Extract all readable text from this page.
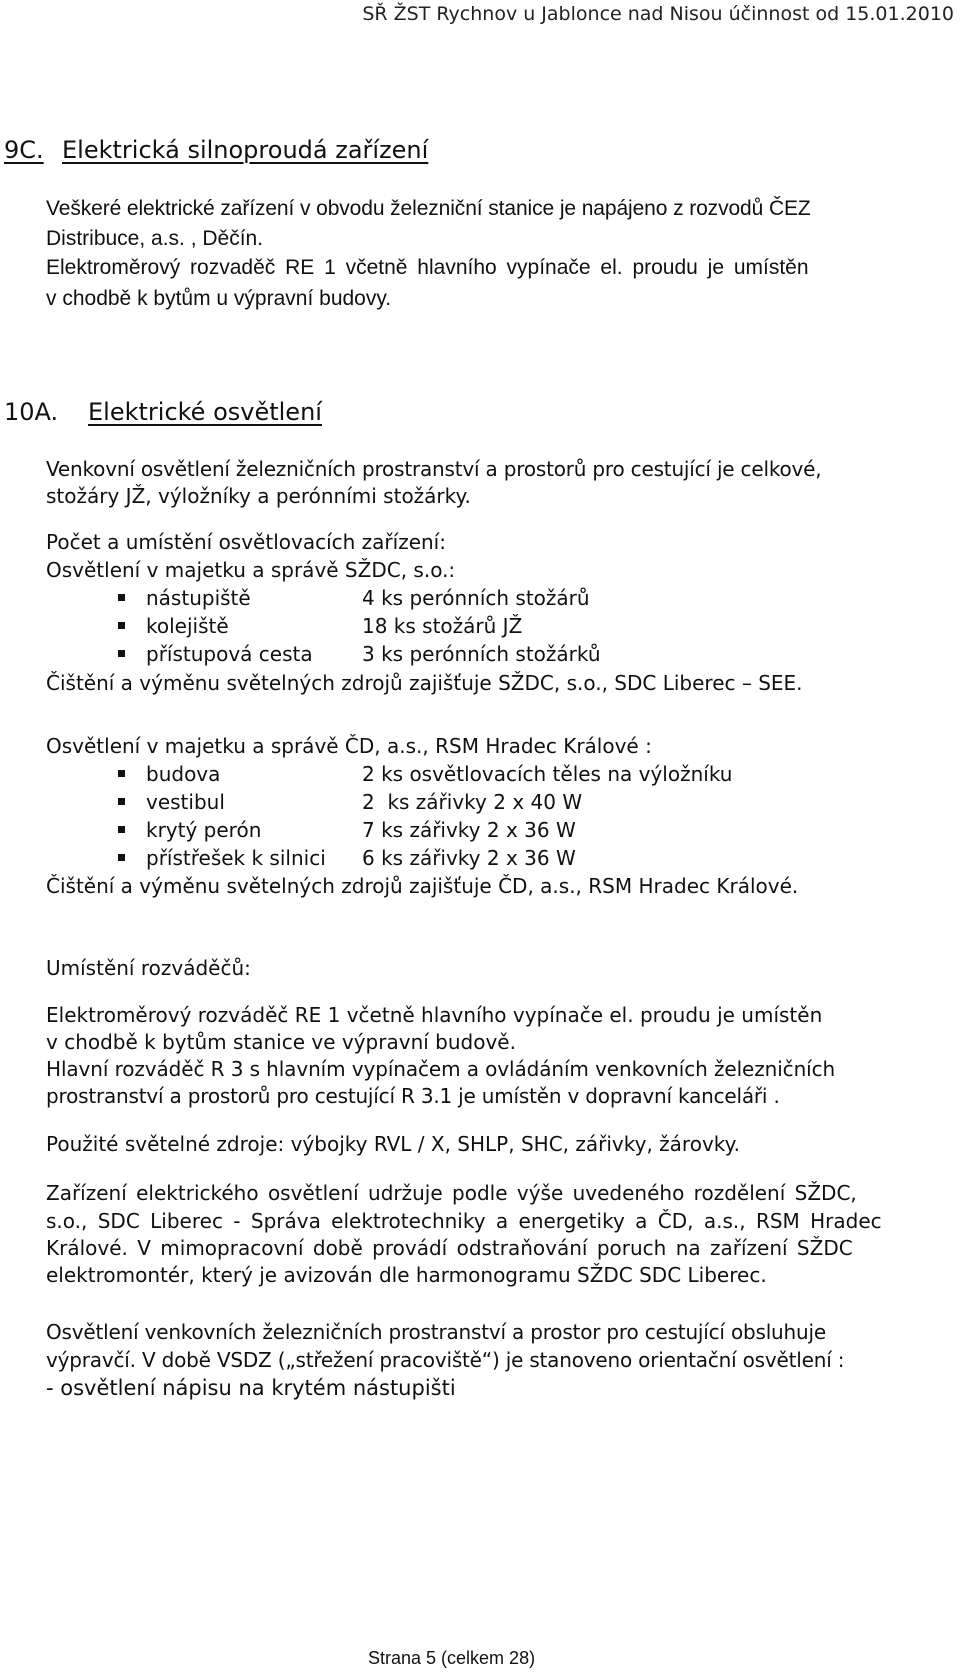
SŘ ŽST Rychnov u Jablonce nad Nisou účinnost od 15.01.2010
9C. Elektrická silnoproudá zařízení
Veškeré elektrické zařízení v obvodu železniční stanice je napájeno z rozvodů ČEZ
Distribuce, a.s. , Děčín.
Elektroměrový rozvaděč RE 1 včetně hlavního vypínače el. proudu je umístěn
v chodbě k bytům u výpravní budovy.
10A. Elektrické osvětlení
Venkovní osvětlení železničních prostranství a prostorů pro cestující je celkové,
stožáry JŽ, výložníky a perónními stožárky.
Počet a umístění osvětlovacích zařízení:
Osvětlení v majetku a správě SŽDC, s.o.:
nástupiště	4 ks perónních stožárů
kolejiště	18 ks stožárů JŽ
přístupová cesta 3 ks perónních stožárků
Čištění a výměnu světelných zdrojů zajišťuje SŽDC, s.o., SDC Liberec – SEE.
Osvětlení v majetku a správě ČD, a.s., RSM Hradec Králové :
budova	2 ks osvětlovacích těles na výložníku
vestibul	2  ks zářivky 2 x 40 W
krytý perón	7 ks zářivky 2 x 36 W
přístřešek k silnici 6 ks zářivky 2 x 36 W
Čištění a výměnu světelných zdrojů zajišťuje ČD, a.s., RSM Hradec Králové.
Umístění rozváděčů:
Elektroměrový rozváděč RE 1 včetně hlavního vypínače el. proudu je umístěn
v chodbě k bytům stanice ve výpravní budově.
Hlavní rozváděč R 3 s hlavním vypínačem a ovládáním venkovních železničních
prostranství a prostorů pro cestující R 3.1 je umístěn v dopravní kanceláři .
Použité světelné zdroje: výbojky RVL / X, SHLP, SHC, zářivky, žárovky.
Zařízení elektrického osvětlení udržuje podle výše uvedeného rozdělení SŽDC,
s.o., SDC Liberec - Správa elektrotechniky a energetiky a ČD, a.s., RSM Hradec
Králové. V mimopracovní době provádí odstraňování poruch na zařízení SŽDC
elektromontér, který je avizován dle harmonogramu SŽDC SDC Liberec.
Osvětlení venkovních železničních prostranství a prostor pro cestující obsluhuje
výpravčí. V době VSDZ („střežení pracoviště“) je stanoveno orientační osvětlení :
- osvětlení nápisu na krytém nástupišti
Strana 5 (celkem 28)
